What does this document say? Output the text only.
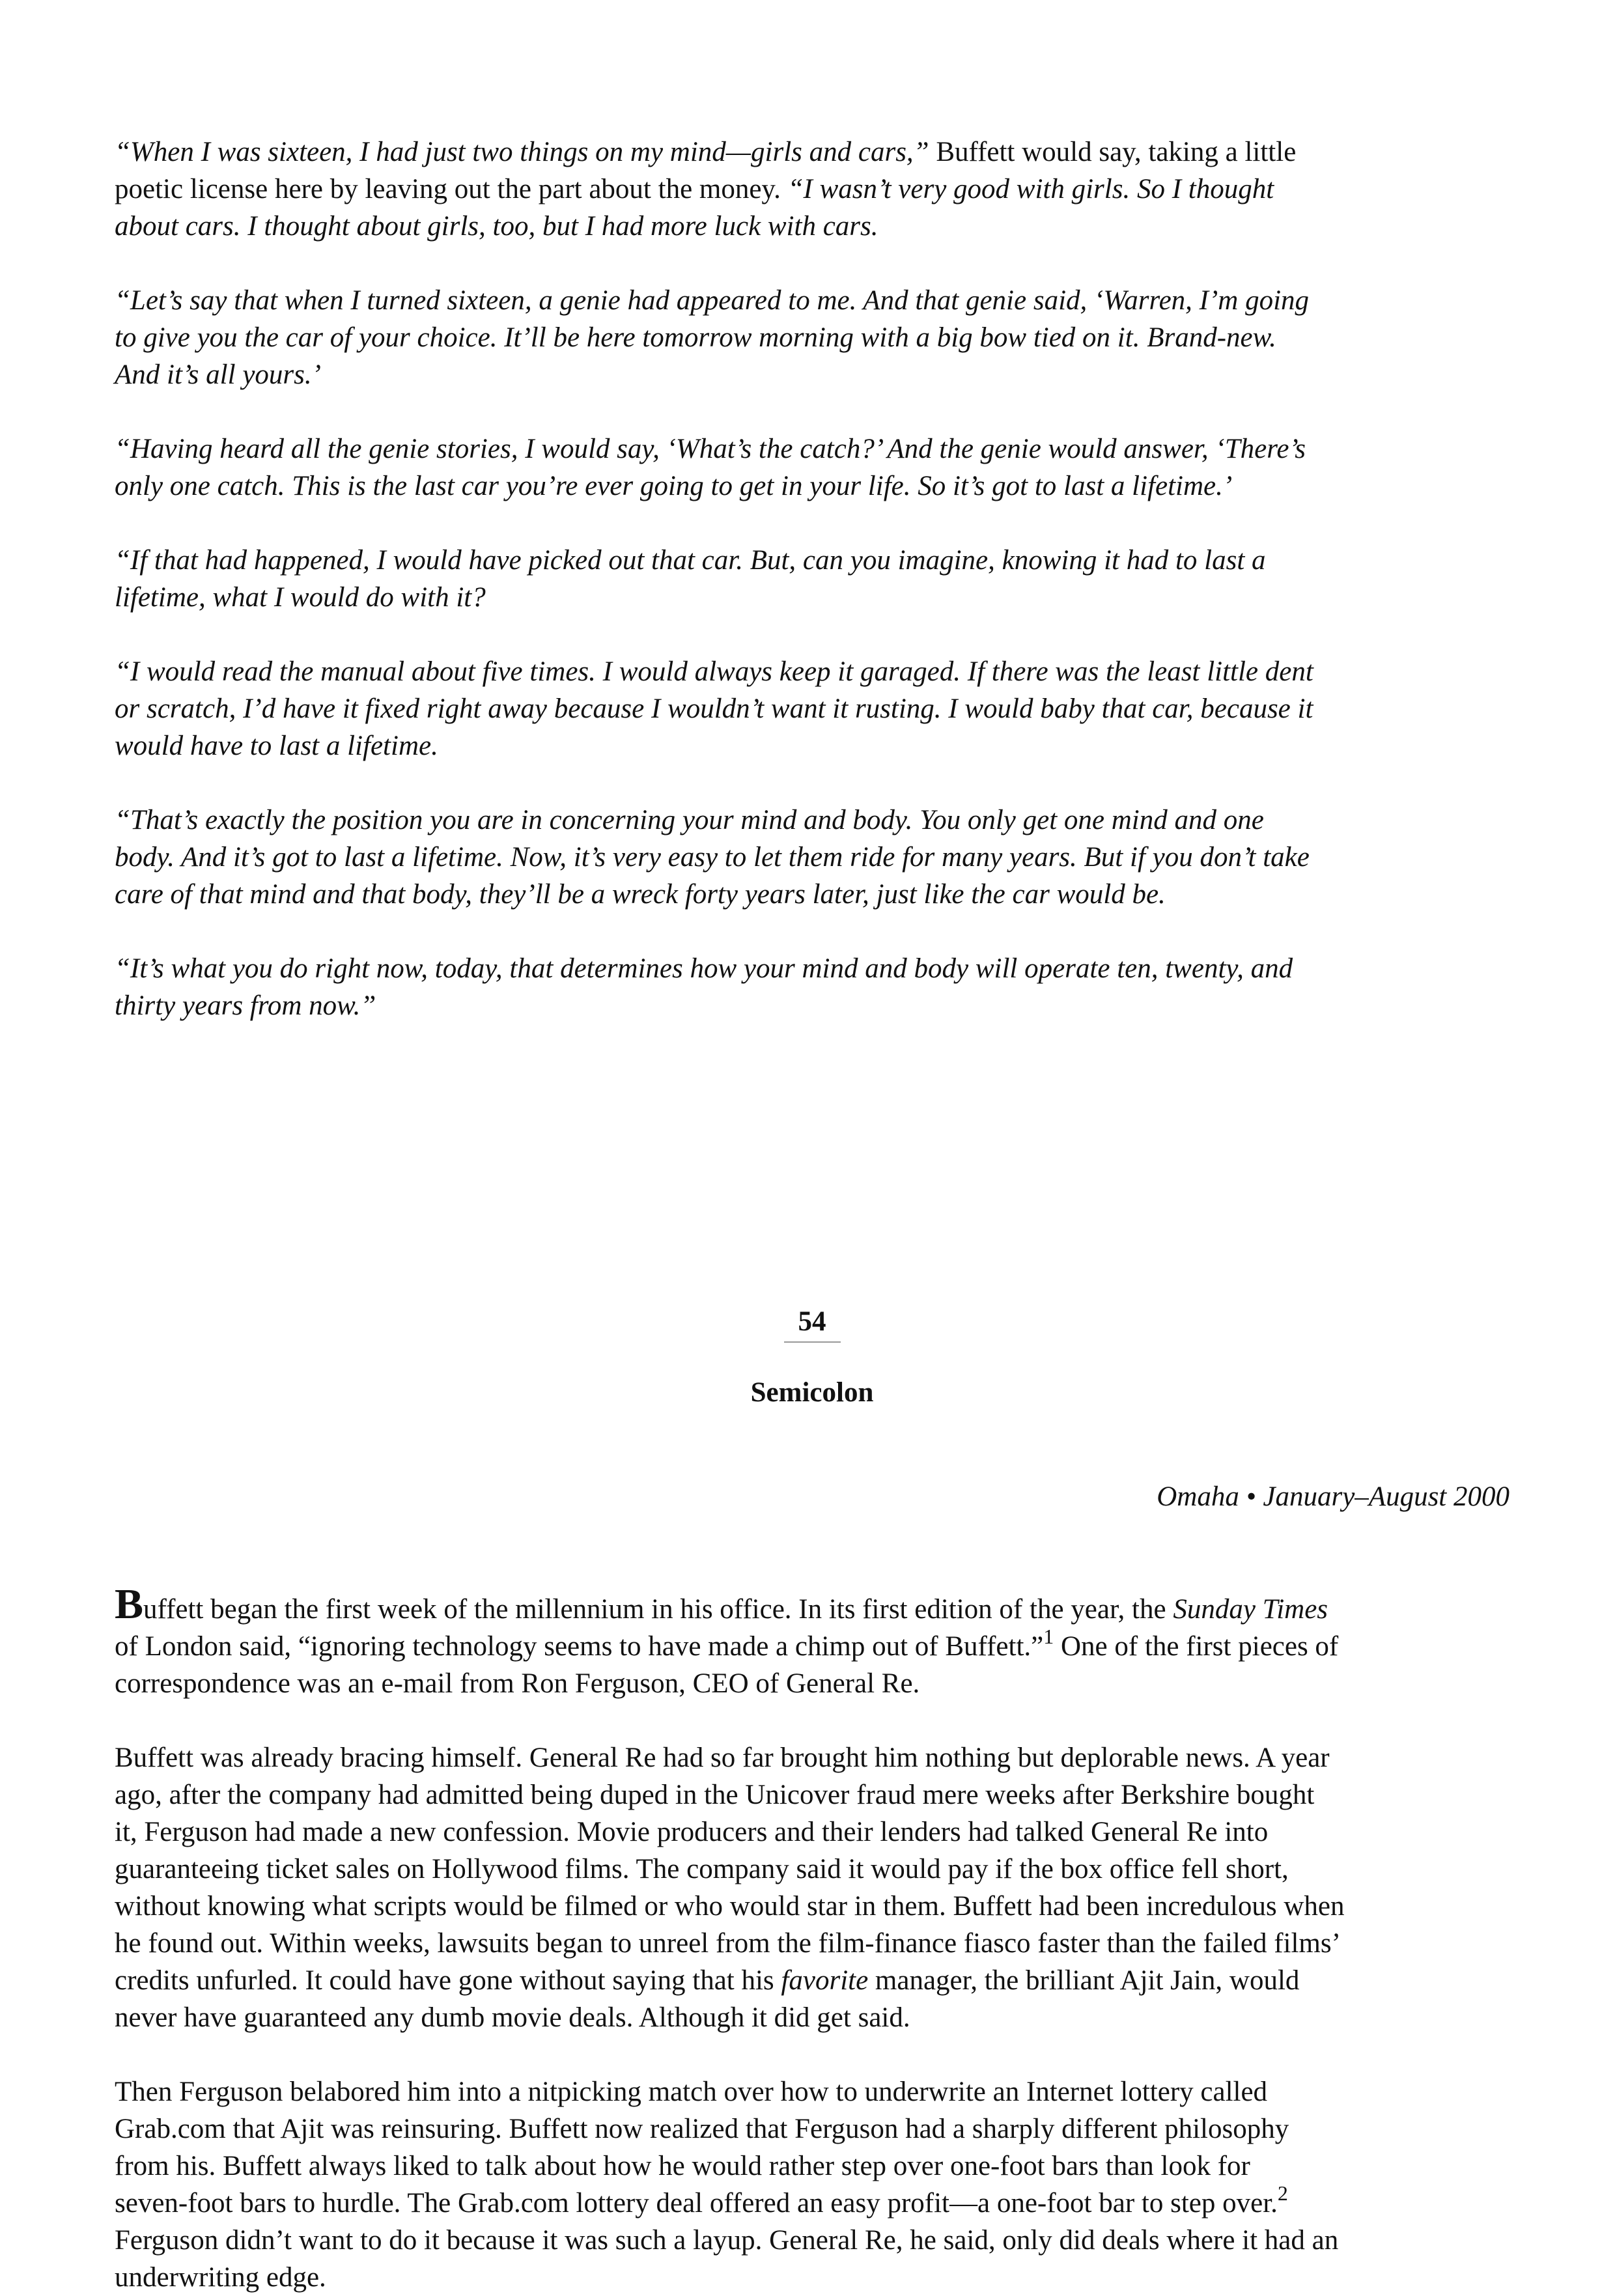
“When I was sixteen, I had just two things on my mind—girls and cars,” Buffett would say, taking a little
poetic license here by leaving out the part about the money. “I wasn’t very good with girls. So I thought
about cars. I thought about girls, too, but I had more luck with cars.
“Let’s say that when I turned sixteen, a genie had appeared to me. And that genie said, ‘Warren, I’m going
to give you the car of your choice. It’ll be here tomorrow morning with a big bow tied on it. Brand-new.
And it’s all yours.’
“Having heard all the genie stories, I would say, ‘What’s the catch?’ And the genie would answer, ‘There’s
only one catch. This is the last car you’re ever going to get in your life. So it’s got to last a lifetime.’
“If that had happened, I would have picked out that car. But, can you imagine, knowing it had to last a
lifetime, what I would do with it?
“I would read the manual about five times. I would always keep it garaged. If there was the least little dent
or scratch, I’d have it fixed right away because I wouldn’t want it rusting. I would baby that car, because it
would have to last a lifetime.
“That’s exactly the position you are in concerning your mind and body. You only get one mind and one
body. And it’s got to last a lifetime. Now, it’s very easy to let them ride for many years. But if you don’t take
care of that mind and that body, they’ll be a wreck forty years later, just like the car would be.
“It’s what you do right now, today, that determines how your mind and body will operate ten, twenty, and
thirty years from now.”
54
Semicolon
Omaha • January–August 2000
Buffett began the first week of the millennium in his office. In its first edition of the year, the Sunday Times
of London said, “ignoring technology seems to have made a chimp out of Buffett.”$^1$ One of the first pieces of
correspondence was an e-mail from Ron Ferguson, CEO of General Re.
Buffett was already bracing himself. General Re had so far brought him nothing but deplorable news. A year
ago, after the company had admitted being duped in the Unicover fraud mere weeks after Berkshire bought
it, Ferguson had made a new confession. Movie producers and their lenders had talked General Re into
guaranteeing ticket sales on Hollywood films. The company said it would pay if the box office fell short,
without knowing what scripts would be filmed or who would star in them. Buffett had been incredulous when
he found out. Within weeks, lawsuits began to unreel from the film-finance fiasco faster than the failed films’
credits unfurled. It could have gone without saying that his favorite manager, the brilliant Ajit Jain, would
never have guaranteed any dumb movie deals. Although it did get said.
Then Ferguson belabored him into a nitpicking match over how to underwrite an Internet lottery called
Grab.com that Ajit was reinsuring. Buffett now realized that Ferguson had a sharply different philosophy
from his. Buffett always liked to talk about how he would rather step over one-foot bars than look for
seven-foot bars to hurdle. The Grab.com lottery deal offered an easy profit—a one-foot bar to step over.$^2$
Ferguson didn’t want to do it because it was such a layup. General Re, he said, only did deals where it had an
underwriting edge.
